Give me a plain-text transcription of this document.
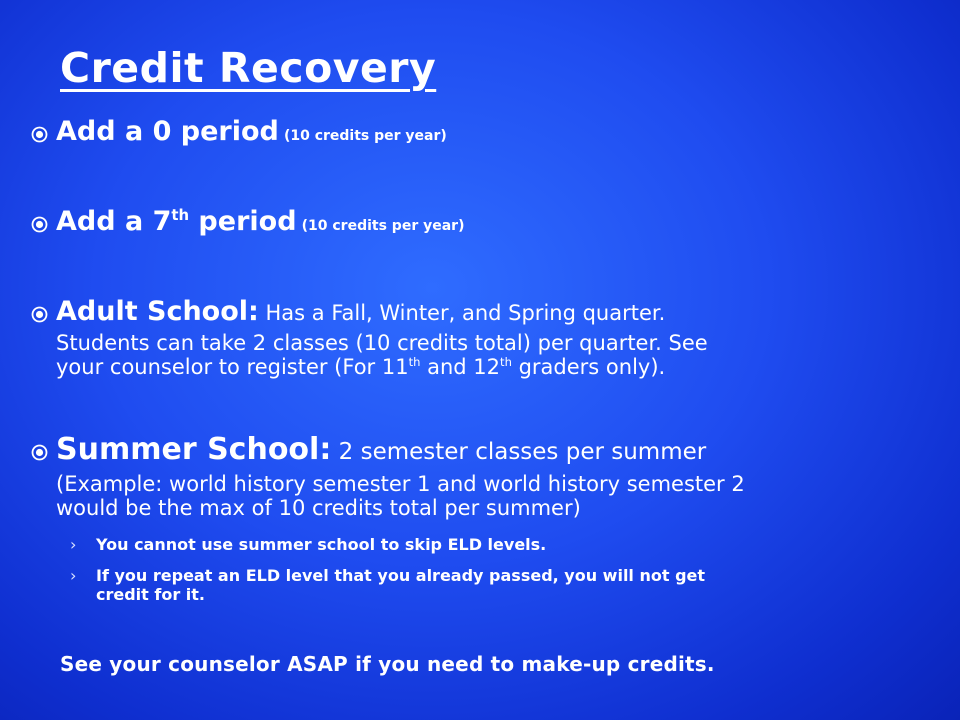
Credit Recovery
Add a 0 period (10 credits per year)
Add a 7th period (10 credits per year)
Adult School: Has a Fall, Winter, and Spring quarter.
Students can take 2 classes (10 credits total) per quarter. See
your counselor to register (For 11th and 12th graders only).
Summer School: 2 semester classes per summer
(Example: world history semester 1 and world history semester 2
would be the max of 10 credits total per summer)
›	You cannot use summer school to skip ELD levels.
›	If you repeat an ELD level that you already passed, you will not get
credit for it.
See your counselor ASAP if you need to make-up credits.
